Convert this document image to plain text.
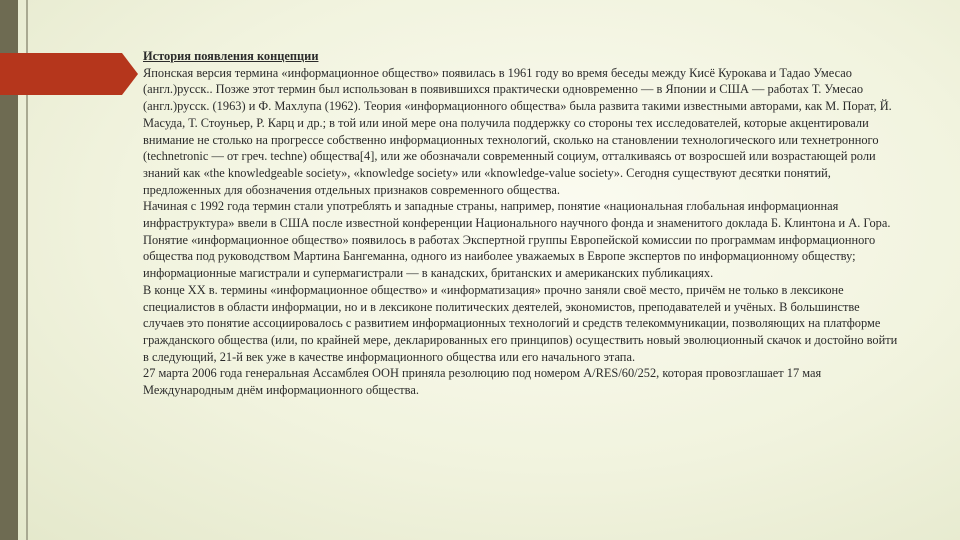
История появления концепции

Японская версия термина «информационное общество» появилась в 1961 году во время беседы между Кисё Курокава и Тадао Умесао (англ.)русск.. Позже этот термин был использован в появившихся практически одновременно — в Японии и США — работах Т. Умесао (англ.)русск. (1963) и Ф. Махлупа (1962). Теория «информационного общества» была развита такими известными авторами, как М. Порат, Й. Масуда, Т. Стоуньер, Р. Карц и др.; в той или иной мере она получила поддержку со стороны тех исследователей, которые акцентировали внимание не столько на прогрессе собственно информационных технологий, сколько на становлении технологического или технетронного (technetronic — от греч. techne) общества[4], или же обозначали современный социум, отталкиваясь от возросшей или возрастающей роли знаний как «the knowledgeable society», «knowledge society» или «knowledge-value society». Сегодня существуют десятки понятий, предложенных для обозначения отдельных признаков современного общества.

Начиная с 1992 года термин стали употреблять и западные страны, например, понятие «национальная глобальная информационная инфраструктура» ввели в США после известной конференции Национального научного фонда и знаменитого доклада Б. Клинтона и А. Гора. Понятие «информационное общество» появилось в работах Экспертной группы Европейской комиссии по программам информационного общества под руководством Мартина Бангеманна, одного из наиболее уважаемых в Европе экспертов по информационному обществу; информационные магистрали и супермагистрали — в канадских, британских и американских публикациях.

В конце XX в. термины «информационное общество» и «информатизация» прочно заняли своё место, причём не только в лексиконе специалистов в области информации, но и в лексиконе политических деятелей, экономистов, преподавателей и учёных. В большинстве случаев это понятие ассоциировалось с развитием информационных технологий и средств телекоммуникации, позволяющих на платформе гражданского общества (или, по крайней мере, декларированных его принципов) осуществить новый эволюционный скачок и достойно войти в следующий, 21-й век уже в качестве информационного общества или его начального этапа.

27 марта 2006 года генеральная Ассамблея ООН приняла резолюцию под номером A/RES/60/252, которая провозглашает 17 мая Международным днём информационного общества.
